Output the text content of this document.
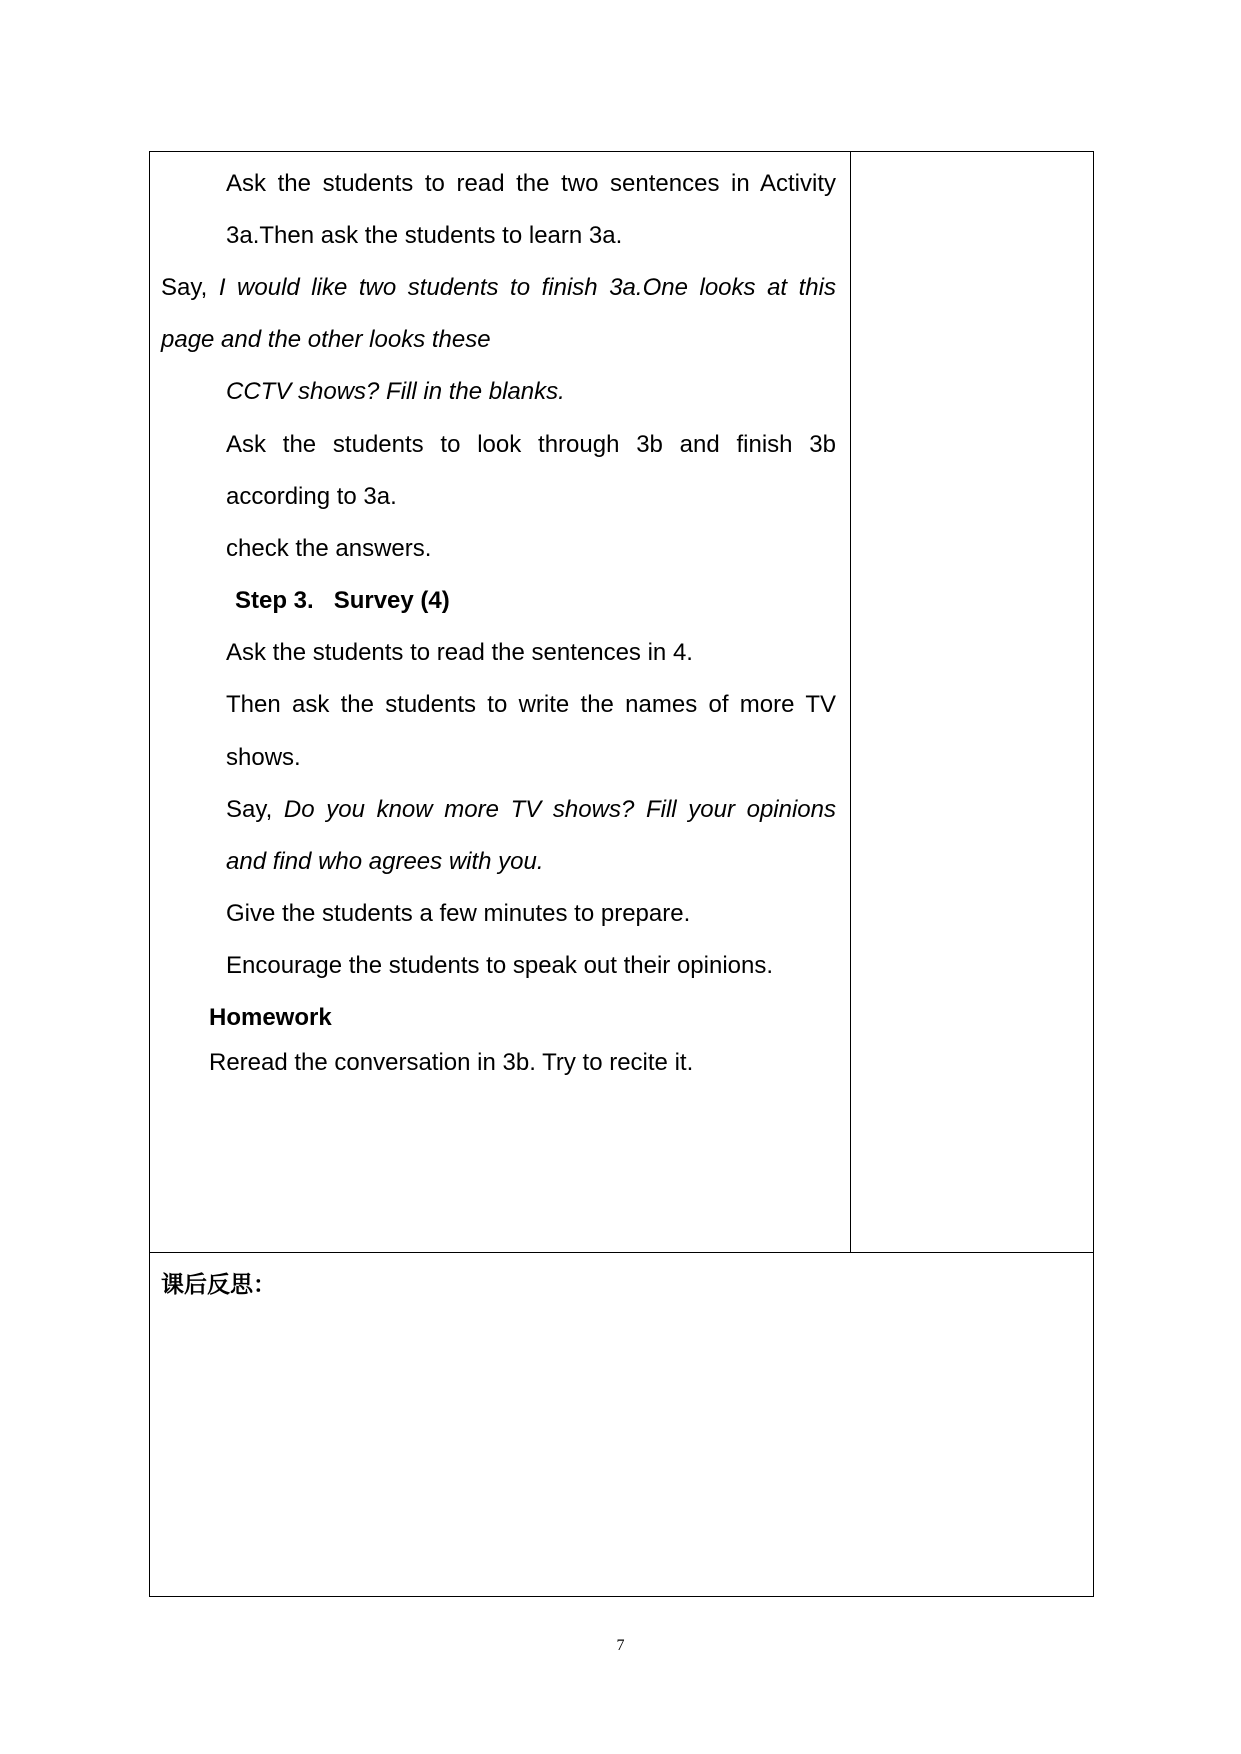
Ask the students to read the two sentences in Activity
3a.Then ask the students to learn 3a.
Say, I would like two students to finish 3a.One looks at this
page and the other looks these
CCTV shows? Fill in the blanks.
Ask the students to look through 3b and finish 3b
according to 3a.
check the answers.
Step 3.   Survey (4)
Ask the students to read the sentences in 4.
Then ask the students to write the names of more TV
shows.
Say, Do you know more TV shows? Fill your opinions
and find who agrees with you.
Give the students a few minutes to prepare.
Encourage the students to speak out their opinions.
Homework
Reread the conversation in 3b. Try to recite it.
课后反思：
7
